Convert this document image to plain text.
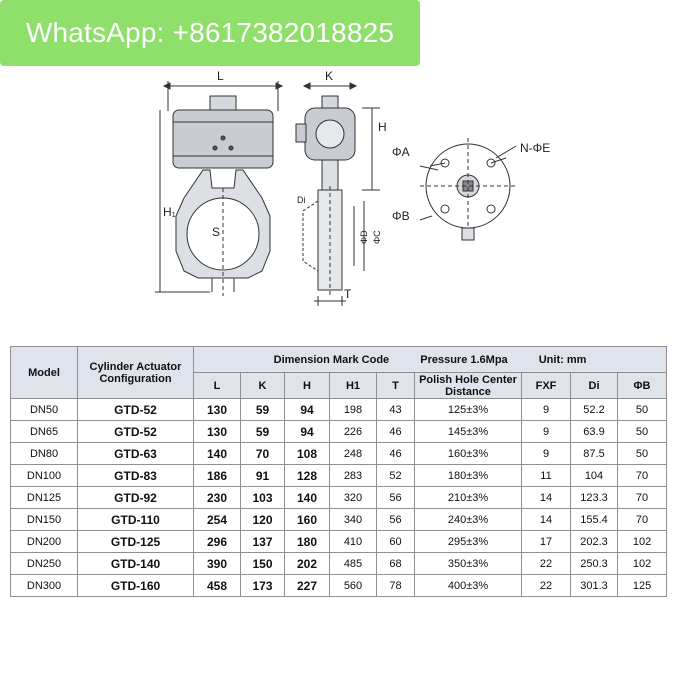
WhatsApp: +8617382018825
L
H₁
S
K
H
T
ΦB
Di
ΦD ΦC
ΦA	N-ΦE
Model	Cylinder Actuator Configuration	Dimension Mark Code Pressure 1.6Mpa Unit: mm								
		L	K	H	H1	T	Polish Hole Center Distance	FXF	Di	ΦB
DN50	GTD-52	130	59	94	198	43	125±3%	9	52.2	50
DN65	GTD-52	130	59	94	226	46	145±3%	9	63.9	50
DN80	GTD-63	140	70	108	248	46	160±3%	9	87.5	50
DN100	GTD-83	186	91	128	283	52	180±3%	11	104	70
DN125	GTD-92	230	103	140	320	56	210±3%	14	123.3	70
DN150	GTD-110	254	120	160	340	56	240±3%	14	155.4	70
DN200	GTD-125	296	137	180	410	60	295±3%	17	202.3	102
DN250	GTD-140	390	150	202	485	68	350±3%	22	250.3	102
DN300	GTD-160	458	173	227	560	78	400±3%	22	301.3	125
